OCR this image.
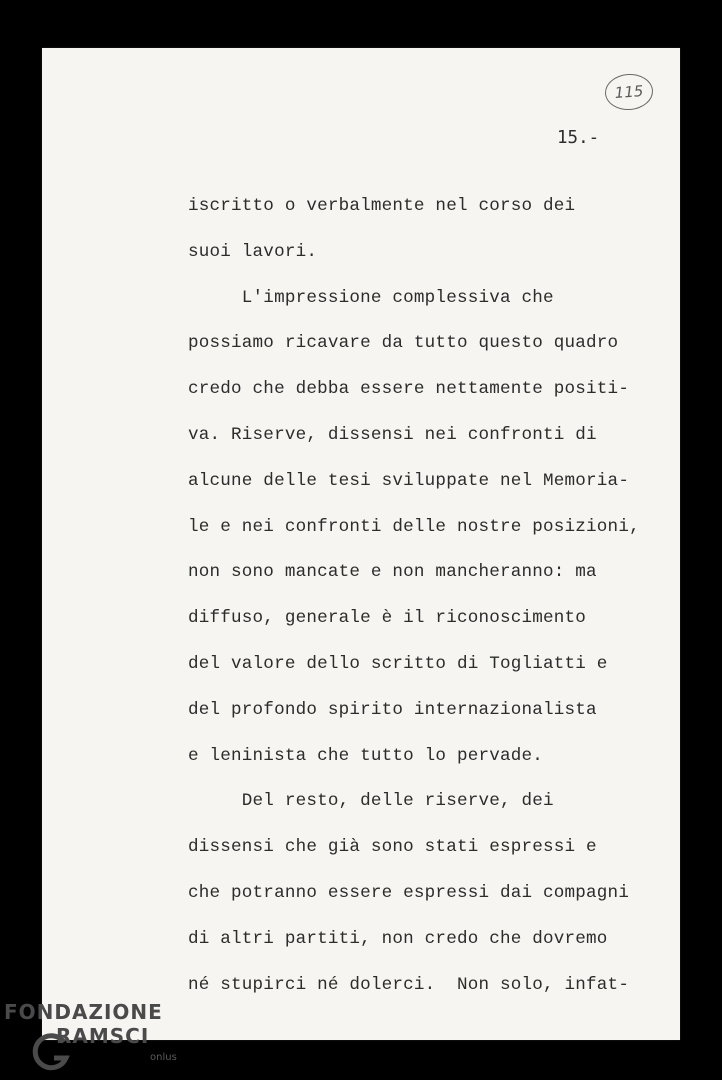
115
15.-
iscritto o verbalmente nel corso dei
suoi lavori.
L'impressione complessiva che
possiamo ricavare da tutto questo quadro
credo che debba essere nettamente positi-
va. Riserve, dissensi nei confronti di
alcune delle tesi sviluppate nel Memoria-
le e nei confronti delle nostre posizioni,
non sono mancate e non mancheranno: ma
diffuso, generale è il riconoscimento
del valore dello scritto di Togliatti e
del profondo spirito internazionalista
e leninista che tutto lo pervade.
Del resto, delle riserve, dei
dissensi che già sono stati espressi e
che potranno essere espressi dai compagni
di altri partiti, non credo che dovremo
né stupirci né dolerci.  Non solo, infat-
FONDAZIONE
RAMSCI
onlus
